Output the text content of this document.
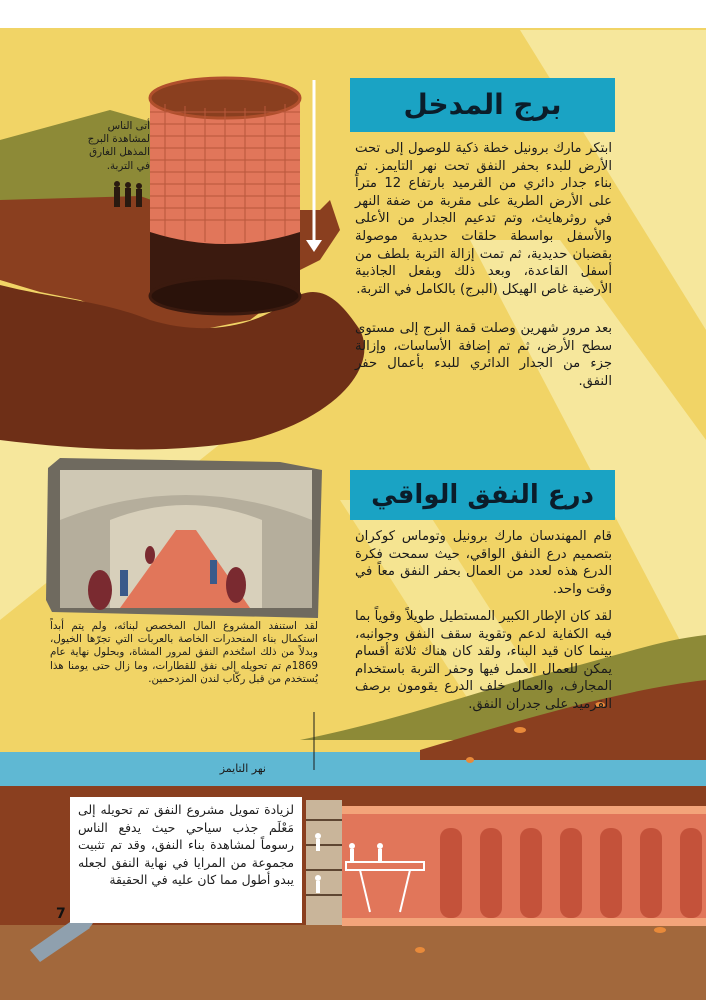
برج المدخل
ابتكر مارك برونيل خطة ذكية للوصول إلى تحت الأرض للبدء بحفر النفق تحت نهر التايمز. تم بناء جدار دائري من القرميد بارتفاع 12 متراً على الأرض الطرية على مقربة من ضفة النهر في روثرهايث، وتم تدعيم الجدار من الأعلى والأسفل بواسطة حلقات حديدية موصولة بقضبان حديدية، ثم تمت إزالة التربة بلطف من أسفل القاعدة، وبعد ذلك وبفعل الجاذبية الأرضية غاص الهيكل (البرج) بالكامل في التربة.
بعد مرور شهرين وصلت قمة البرج إلى مستوى سطح الأرض، ثم تم إضافة الأساسات، وإزالة جزء من الجدار الدائري للبدء بأعمال حفر النفق.
أتى الناس لمشاهدة البرج المذهل الغارق في التربة.
درع النفق الواقي
قام المهندسان مارك برونيل وتوماس كوكران بتصميم درع النفق الواقي، حيث سمحت فكرة الدرع هذه لعدد من العمال بحفر النفق معاً في وقت واحد.
لقد كان الإطار الكبير المستطيل طويلاً وقوياً بما فيه الكفاية لدعم وتقوية سقف النفق وجوانبه، بينما كان قيد البناء، ولقد كان هناك ثلاثة أقسام يمكن للعمال العمل فيها وحفر التربة باستخدام المجارف، والعمال خلف الدرع يقومون برصف القرميد على جدران النفق.
لقد استنفد المشروع المال المخصص لبنائه، ولم يتم أبداً استكمال بناء المنحدرات الخاصة بالعربات التي تجرّها الخيول، وبدلاً من ذلك استُخدم النفق لمرور المشاة، وبحلول نهاية عام 1869م تم تحويله إلى نفق للقطارات، وما زال حتى يومنا هذا يُستخدم من قبل ركّاب لندن المزدحمين.
نهر التايمز
لزيادة تمويل مشروع النفق تم تحويله إلى مَعْلَم جذب سياحي حيث يدفع الناس رسوماً لمشاهدة بناء النفق، وقد تم تثبيت مجموعة من المرايا في نهاية النفق لجعله يبدو أطول مما كان عليه في الحقيقة
7
